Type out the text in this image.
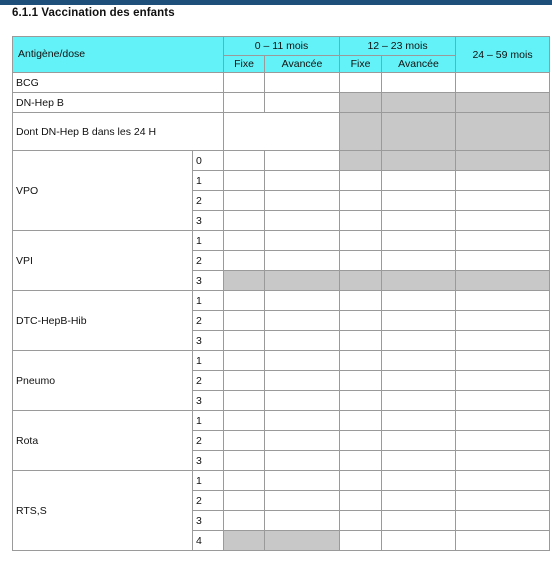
6.1.1 Vaccination des enfants
Antigène/dose		0 – 11 mois		12 – 23 mois		24 – 59 mois
		Fixe	Avancée	Fixe	Avancée	
BCG						
DN-Hep B						
Dont DN-Hep B dans les 24 H						
VPO	0					
	1					
	2					
	3					
VPI	1					
	2					
	3					
DTC-HepB-Hib	1					
	2					
	3					
Pneumo	1					
	2					
	3					
Rota	1					
	2					
	3					
RTS,S	1					
	2					
	3					
	4					
